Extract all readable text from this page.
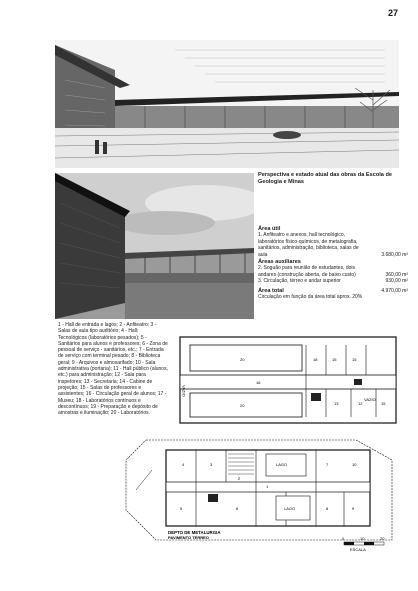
27
Perspectiva e estado atual das obras da Escola de Geologia e Minas
Área útil
1. Anfiteatro e anexos, hall tecnológico, laboratórios físico-químicos, de metalografia, sanitários, administração, biblioteca, salas de aula	3.680,00 m²
Áreas auxiliares
2. Soguão para reunião de estudantes, dois andares (construção aberta, de baixo custo)	360,00 m²
3. Circulação, térreo e andar superior	930,00 m²
Área total	4.970,00 m²
Circulação em função da área total aprox. 20%
1 - Hall de entrada e lagos; 2 - Anfiteatro; 3 - Salas de aula tipo auditório; 4 - Hall; Tecnológicos (laboratórios pesados); 5 - Sanitários para alunos e professores; 6 - Zona de pessoal de serviço - sanitários, etc.; 7 - Entrada de serviço com terminal pesado; 8 - Biblioteca geral; 9 - Arquivos e almoxarifado; 10 - Sala administrativa (portaria); 11 - Hall público (alunos, etc.) para administração; 12 - Sala para inspetores; 13 - Secretaria; 14 - Cabine de projeção; 15 - Salas de professores e assistentes; 16 - Circulação geral de alunos; 17 - Museu; 18 - Laboratórios contínuos e descontínuos; 19 - Preparação e depósito de amostras e iluminação; 20 - Laboratórios.
VAZIO
VAZIO
20
20
16
18	15	15
13	12	15
LAGO
LAGO
2
3
1
4
5	6
7
8	9
10
DEPTO DE METALURGIA
PAVIMENTO TÉRREO	0	10	20
ESCALA
